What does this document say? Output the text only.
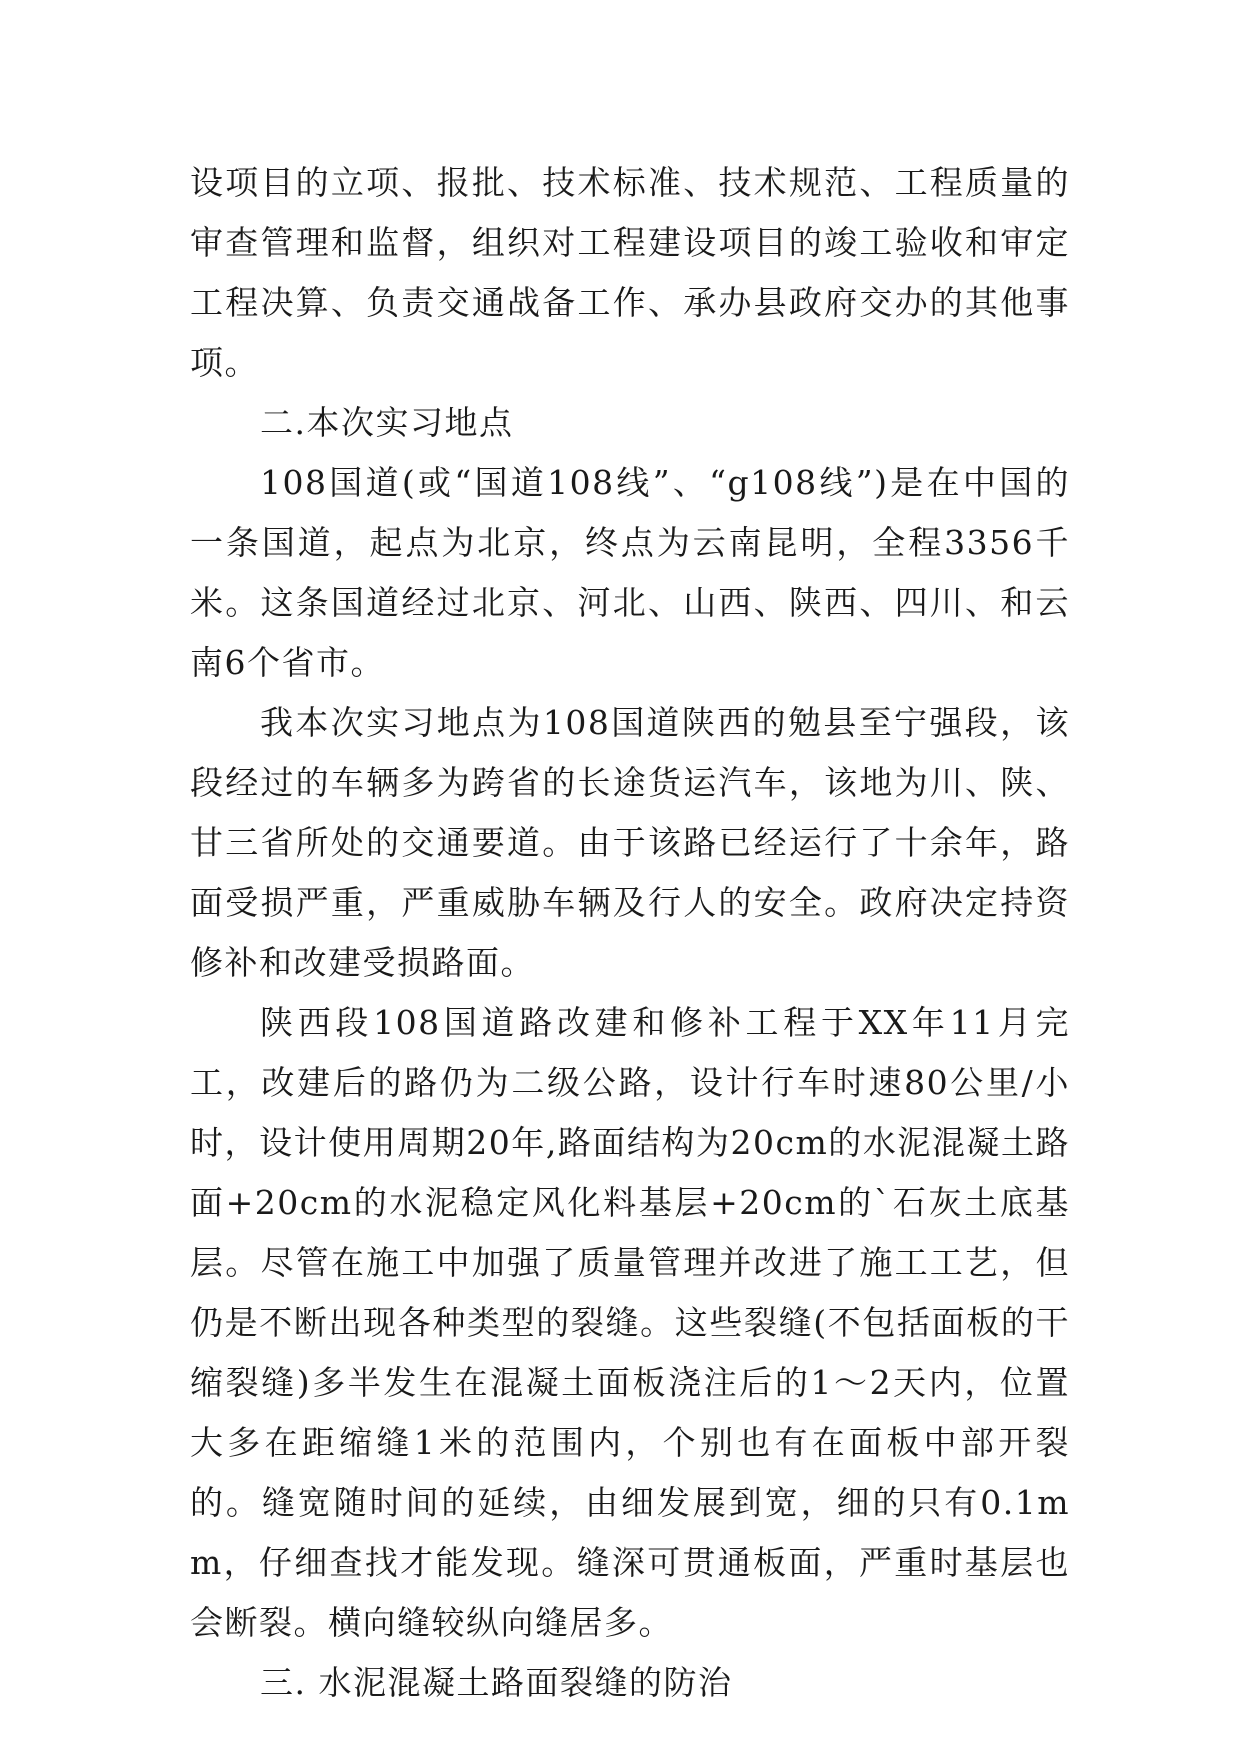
设项目的立项、报批、技术标准、技术规范、工程质量的审查管理和监督，组织对工程建设项目的竣工验收和审定工程决算、负责交通战备工作、承办县政府交办的其他事项。

二.本次实习地点

108国道(或“国道108线”、“g108线”)是在中国的一条国道，起点为北京，终点为云南昆明，全程3356千米。这条国道经过北京、河北、山西、陕西、四川、和云南6个省市。

我本次实习地点为108国道陕西的勉县至宁强段，该段经过的车辆多为跨省的长途货运汽车，该地为川、陕、甘三省所处的交通要道。由于该路已经运行了十余年，路面受损严重，严重威胁车辆及行人的安全。政府决定持资修补和改建受损路面。

陕西段108国道路改建和修补工程于XX年11月完工，改建后的路仍为二级公路，设计行车时速80公里/小时，设计使用周期20年,路面结构为20cm的水泥混凝土路面+20cm的水泥稳定风化料基层+20cm的`石灰土底基层。尽管在施工中加强了质量管理并改进了施工工艺，但仍是不断出现各种类型的裂缝。这些裂缝(不包括面板的干缩裂缝)多半发生在混凝土面板浇注后的1～2天内，位置大多在距缩缝1米的范围内，个别也有在面板中部开裂的。缝宽随时间的延续，由细发展到宽，细的只有0.1mm，仔细查找才能发现。缝深可贯通板面，严重时基层也会断裂。横向缝较纵向缝居多。

三. 水泥混凝土路面裂缝的防治
